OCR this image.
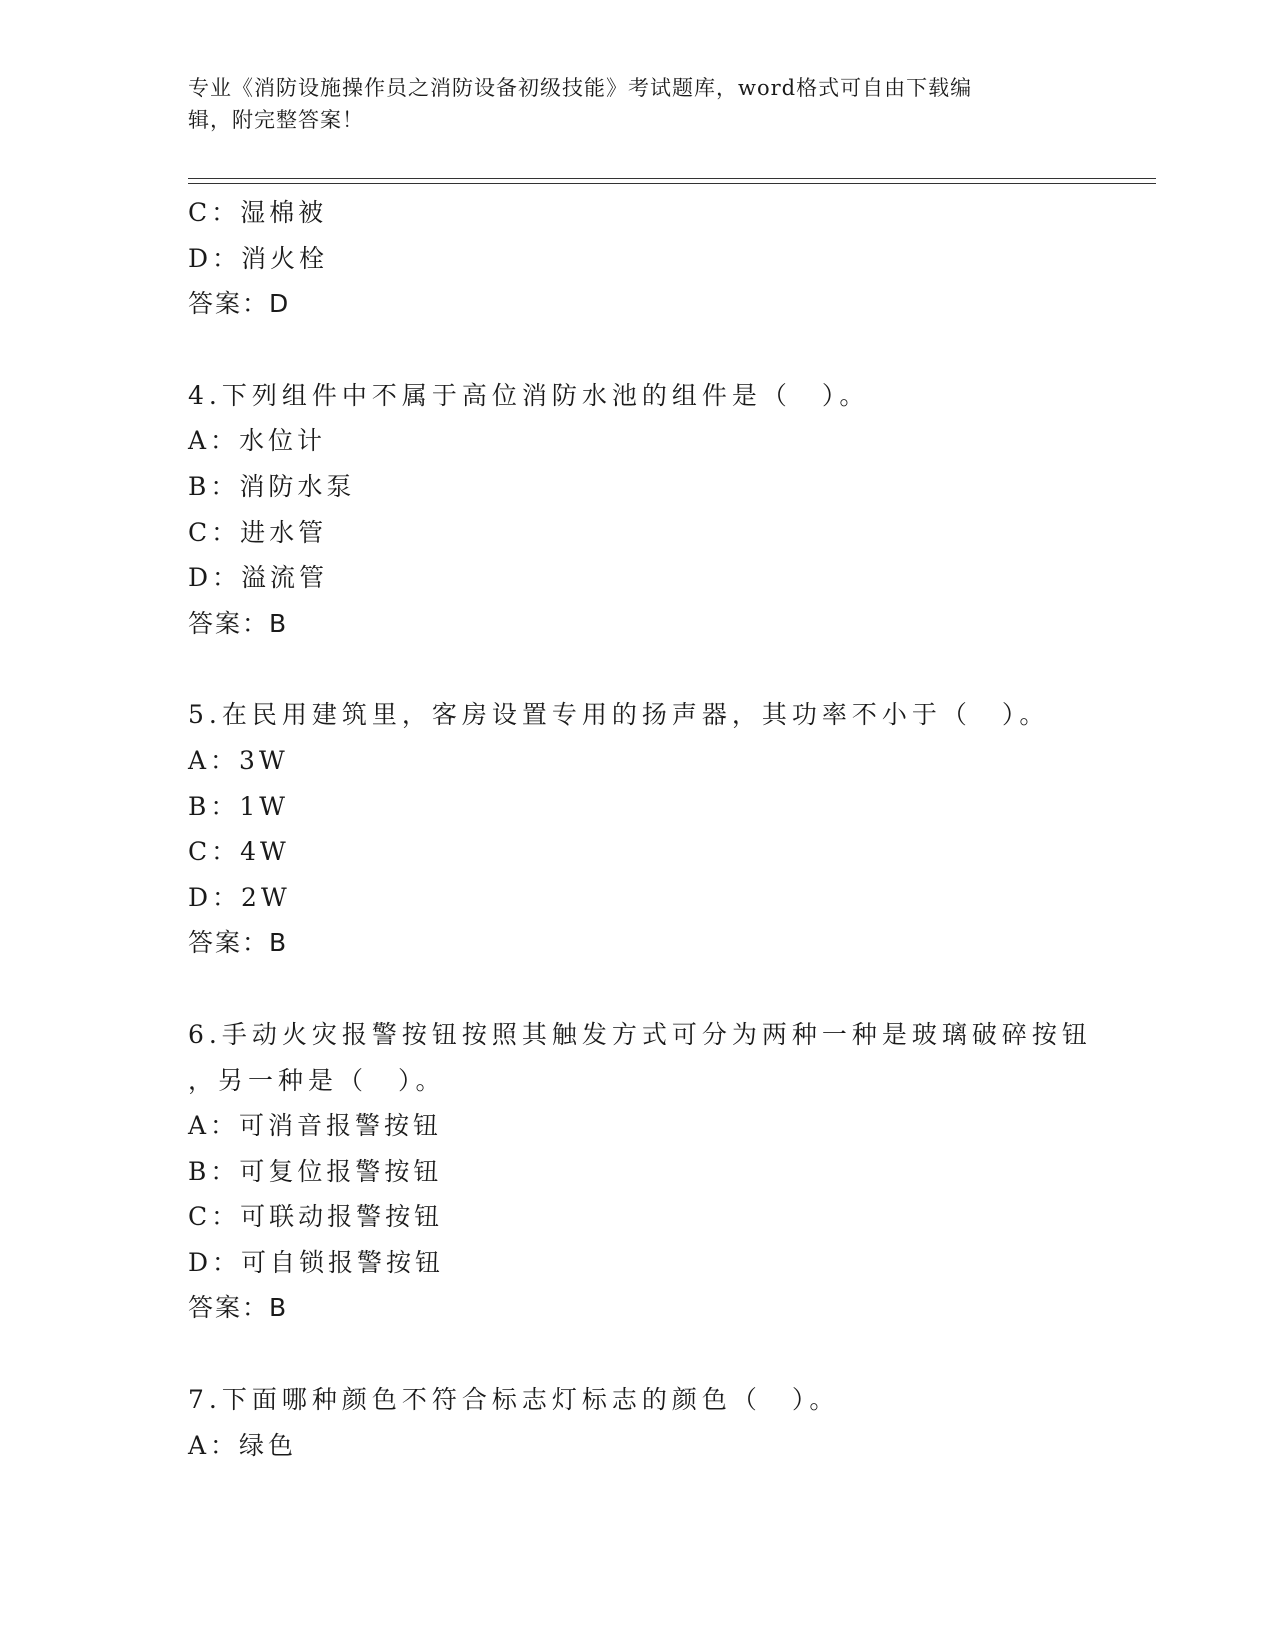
专业《消防设施操作员之消防设备初级技能》考试题库，word格式可自由下载编
辑，附完整答案！
C：湿棉被
D：消火栓
答案：D
4.下列组件中不属于高位消防水池的组件是（　）。
A：水位计
B：消防水泵
C：进水管
D：溢流管
答案：B
5.在民用建筑里，客房设置专用的扬声器，其功率不小于（　）。
A：3W
B：1W
C：4W
D：2W
答案：B
6.手动火灾报警按钮按照其触发方式可分为两种一种是玻璃破碎按钮
，另一种是（　）。
A：可消音报警按钮
B：可复位报警按钮
C：可联动报警按钮
D：可自锁报警按钮
答案：B
7.下面哪种颜色不符合标志灯标志的颜色（　）。
A：绿色
